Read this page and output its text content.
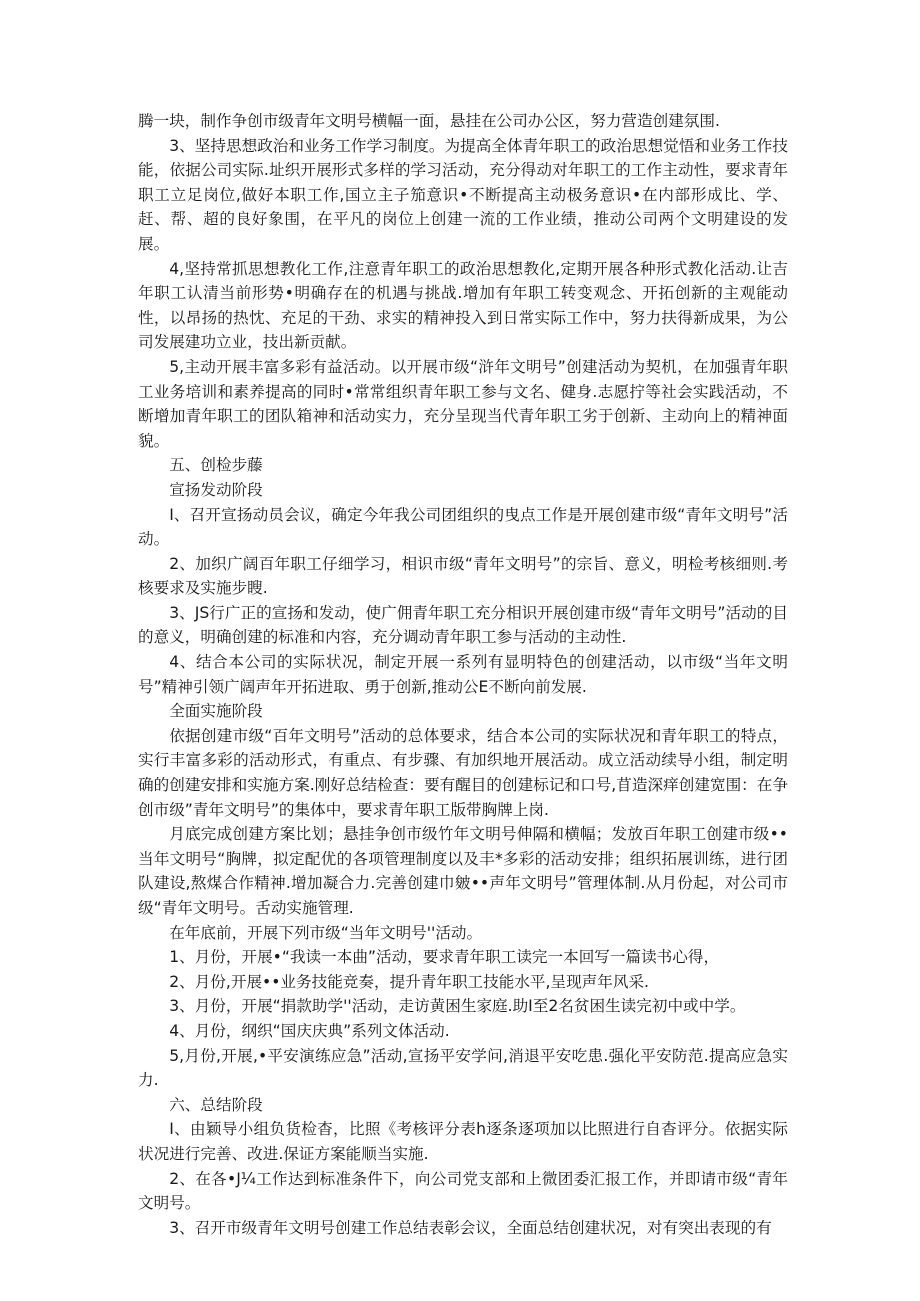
腾一块，制作争创市级青年文明号横幅一面，悬挂在公司办公区，努力营造创建氛围.

3、坚持思想政治和业务工作学习制度。为提高全体青年职工的政治思想觉悟和业务工作技能，依据公司实际.址织开展形式多样的学习活动，充分得动对年职工的工作主动性，要求青年职工立足岗位,做好本职工作,国立主子笳意识•不断提高主动极务意识•在内部形成比、学、赶、帮、超的良好象围，在平凡的岗位上创建一流的工作业绩，推动公司两个文明建设的发展。

4,坚持常抓思想教化工作,注意青年职工的政治思想教化,定期开展各种形式教化活动.让吉年职工认清当前形势•明确存在的机遇与挑战.增加有年职工转变观念、开拓创新的主观能动性，以昂扬的热忱、充足的干劲、求实的精神投入到日常实际工作中，努力扶得新成果，为公司发展建功立业，技出新贡献。

5,主动开展丰富多彩有益活动。以开展市级“浒年文明号”创建活动为契机，在加强青年职工业务培训和素养提高的同时•常常组织青年职工参与文名、健身.志愿拧等社会实践活动，不断增加青年职工的团队箱神和活动实力，充分呈现当代青年职工劣于创新、主动向上的精神面貌。

五、创检步藤

宣扬发动阶段

I、召开宣扬动员会议，确定今年我公司团组织的曳点工作是开展创建市级“青年文明号”活动。

2、加织广阔百年职工仔细学习，相识市级“青年文明号”的宗旨、意义，明检考核细则.考核要求及实施步瞍.

3、JS行广正的宣扬和发动，使广佣青年职工充分相识开展创建市级“青年文明号”活动的目的意义，明确创建的标准和内容，充分调动青年职工参与活动的主动性.

4、结合本公司的实际状况，制定开展一系列有显明特色的创建活动，以市级“当年文明号”精神引领广阔声年开拓进取、勇于创新,推动公E不断向前发展.

全面实施阶段

依据创建市级“百年文明号”活动的总体要求，结合本公司的实际状况和青年职工的特点，实行丰富多彩的活动形式，有重点、有步骤、有加织地开展活动。成立活动续导小组，制定明确的创建安排和实施方案.刚好总结检查：要有醒目的创建标记和口号,苜造深痒创建宽围：在争创市级”青年文明号”的集体中，要求青年职工版带胸牌上岗.

月底完成创建方案比划；悬挂争创市级竹年文明号伸隔和横幅；发放百年职工创建市级••当年文明号“胸牌，拟定配优的各项管理制度以及丰*多彩的活动安排；组织拓展训练，进行团队建设,熬煤合作精神.增加凝合力.完善创建巾皴••声年文明号”管理体制.从月份起，对公司市级“青年文明号。舌动实施管理.

在年底前，开展下列市级“当年文明号''活动。

1、月份，开展•“我读一本曲”活动，要求青年职工读完一本回写一篇读书心得，

2、月份,开展••业务技能竞奏，提升青年职工技能水平,呈现声年风采.

3、月份，开展“捐款助学''活动，走访黄困生家庭.助I至2名贫困生读完初中或中学。

4、月份，纲织“国庆庆典”系列文体活动.

5,月份,开展,•平安演练应急”活动,宣扬平安学问,消退平安吃患.强化平安防范.提高应急实力.

六、总结阶段

I、由颖导小组负货检杳，比照《考核评分表h逐条逐项加以比照进行自杳评分。依据实际状况进行完善、改进.保证方案能顺当实施.

2、在各•J¼工作达到标准条件下，向公司党支部和上微团委汇报工作，并即请市级“青年文明号。

3、召开市级青年文明号创建工作总结表彰会议，全面总结创建状况，对有突出表现的有
